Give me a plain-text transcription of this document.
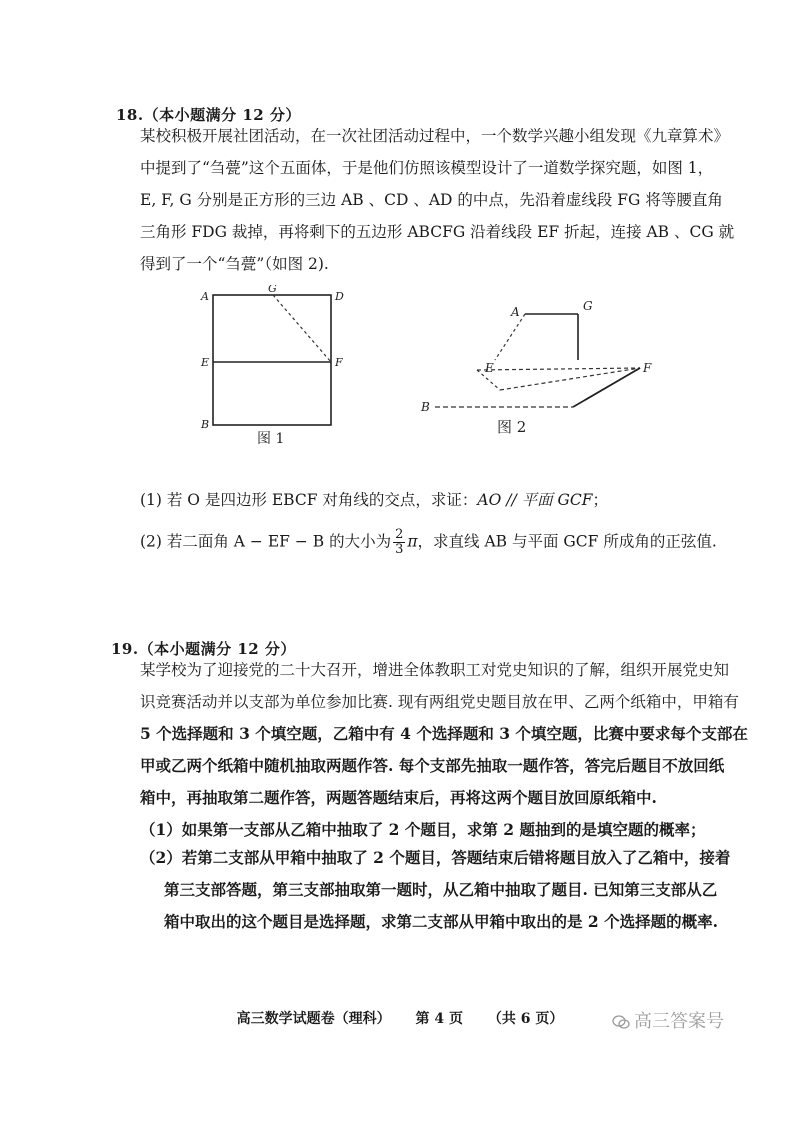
18.（本小题满分 12 分）
某校积极开展社团活动，在一次社团活动过程中，一个数学兴趣小组发现《九章算术》
中提到了“刍甍”这个五面体，于是他们仿照该模型设计了一道数学探究题，如图 1，
E, F, G 分别是正方形的三边 AB 、CD 、AD 的中点，先沿着虚线段 FG 将等腰直角
三角形 FDG 裁掉，再将剩下的五边形 ABCFG 沿着线段 EF 折起，连接 AB 、CG 就
得到了一个“刍甍”（如图 2).
A
G
D
E	F
B
图 1
A	G
E	F
B
图 2
(1) 若 O 是四边形 EBCF 对角线的交点，求证：AO // 平面 GCF；
(2) 若二面角 A − EF − B 的大小为 $\frac{2}{3}$ π，求直线 AB 与平面 GCF 所成角的正弦值.
19.（本小题满分 12 分）
某学校为了迎接党的二十大召开，增进全体教职工对党史知识的了解，组织开展党史知
识竞赛活动并以支部为单位参加比赛. 现有两组党史题目放在甲、乙两个纸箱中，甲箱有
5 个选择题和 3 个填空题，乙箱中有 4 个选择题和 3 个填空题，比赛中要求每个支部在
甲或乙两个纸箱中随机抽取两题作答. 每个支部先抽取一题作答，答完后题目不放回纸
箱中，再抽取第二题作答，两题答题结束后，再将这两个题目放回原纸箱中.
（1）如果第一支部从乙箱中抽取了 2 个题目，求第 2 题抽到的是填空题的概率；
（2）若第二支部从甲箱中抽取了 2 个题目，答题结束后错将题目放入了乙箱中，接着
第三支部答题，第三支部抽取第一题时，从乙箱中抽取了题目. 已知第三支部从乙
箱中取出的这个题目是选择题，求第二支部从甲箱中取出的是 2 个选择题的概率.
高三数学试题卷（理科） 第 4 页 （共 6 页）	高三答案号
